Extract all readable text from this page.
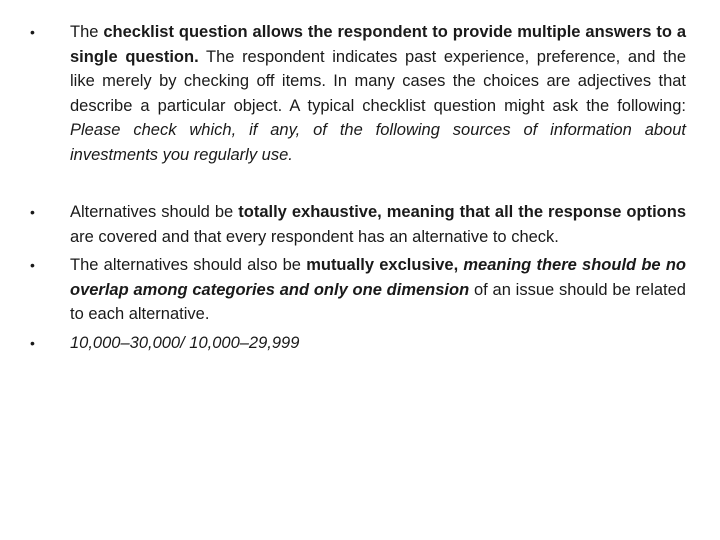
•	The checklist question allows the respondent to provide multiple answers to a single question. The respondent indicates past experience, preference, and the like merely by checking off items. In many cases the choices are adjectives that describe a particular object. A typical checklist question might ask the following: Please check which, if any, of the following sources of information about investments you regularly use.
•	Alternatives should be totally exhaustive, meaning that all the response options are covered and that every respondent has an alternative to check.
•	The alternatives should also be mutually exclusive, meaning there should be no overlap among categories and only one dimension of an issue should be related to each alternative.
•	10,000–30,000/ 10,000–29,999
